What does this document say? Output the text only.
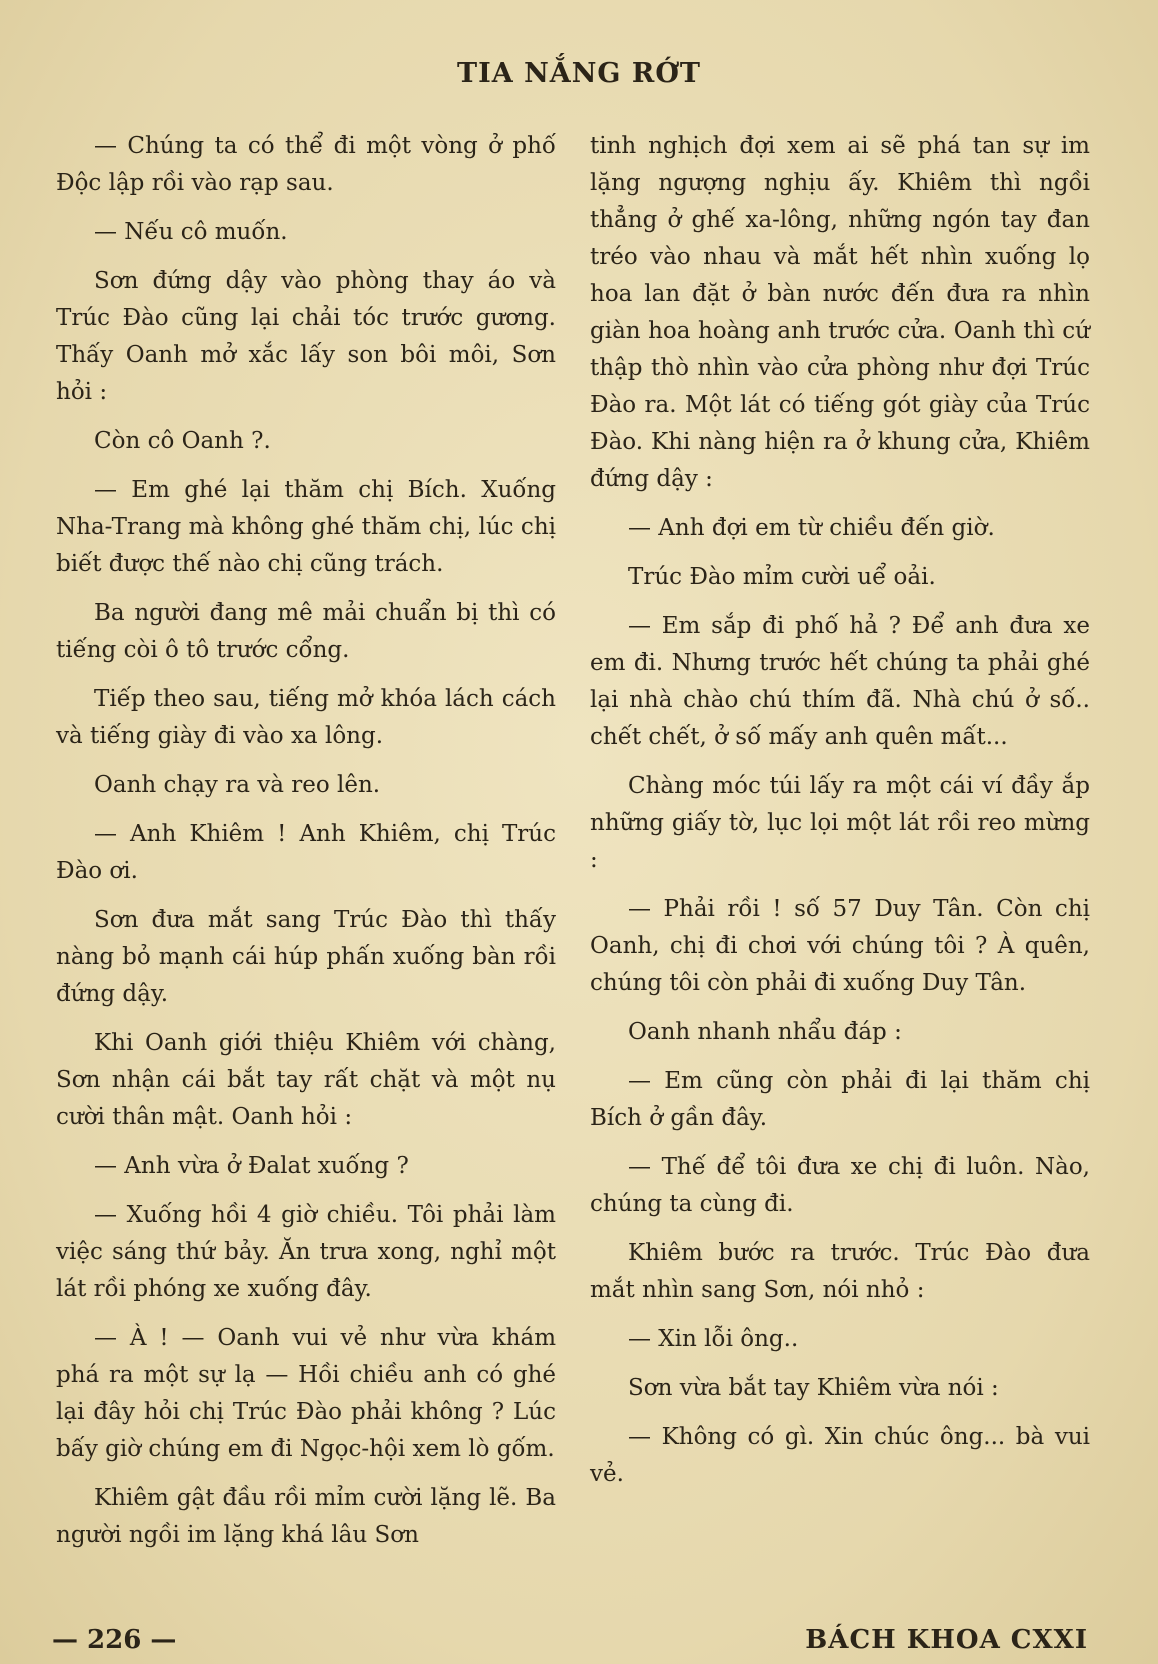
TIA NẮNG RỚT

— Chúng ta có thể đi một vòng ở phố Độc lập rồi vào rạp sau.

— Nếu cô muốn.

Sơn đứng dậy vào phòng thay áo và Trúc Đào cũng lại chải tóc trước gương. Thấy Oanh mở xắc lấy son bôi môi, Sơn hỏi :

Còn cô Oanh ?.

— Em ghé lại thăm chị Bích. Xuống Nha-Trang mà không ghé thăm chị, lúc chị biết được thế nào chị cũng trách.

Ba người đang mê mải chuẩn bị thì có tiếng còi ô tô trước cổng.

Tiếp theo sau, tiếng mở khóa lách cách và tiếng giày đi vào xa lông.

Oanh chạy ra và reo lên.

— Anh Khiêm ! Anh Khiêm, chị Trúc Đào ơi.

Sơn đưa mắt sang Trúc Đào thì thấy nàng bỏ mạnh cái húp phấn xuống bàn rồi đứng dậy.

Khi Oanh giới thiệu Khiêm với chàng, Sơn nhận cái bắt tay rất chặt và một nụ cười thân mật. Oanh hỏi :

— Anh vừa ở Đalat xuống ?

— Xuống hồi 4 giờ chiều. Tôi phải làm việc sáng thứ bảy. Ăn trưa xong, nghỉ một lát rồi phóng xe xuống đây.

— À ! — Oanh vui vẻ như vừa khám phá ra một sự lạ — Hồi chiều anh có ghé lại đây hỏi chị Trúc Đào phải không ? Lúc bấy giờ chúng em đi Ngọc-hội xem lò gốm.

Khiêm gật đầu rồi mỉm cười lặng lẽ. Ba người ngồi im lặng khá lâu Sơn

tinh nghịch đợi xem ai sẽ phá tan sự im lặng ngượng nghịu ấy. Khiêm thì ngồi thẳng ở ghế xa-lông, những ngón tay đan tréo vào nhau và mắt hết nhìn xuống lọ hoa lan đặt ở bàn nước đến đưa ra nhìn giàn hoa hoàng anh trước cửa. Oanh thì cứ thập thò nhìn vào cửa phòng như đợi Trúc Đào ra. Một lát có tiếng gót giày của Trúc Đào. Khi nàng hiện ra ở khung cửa, Khiêm đứng dậy :

— Anh đợi em từ chiều đến giờ.

Trúc Đào mỉm cười uể oải.

— Em sắp đi phố hả ? Để anh đưa xe em đi. Nhưng trước hết chúng ta phải ghé lại nhà chào chú thím đã. Nhà chú ở số.. chết chết, ở số mấy anh quên mất...

Chàng móc túi lấy ra một cái ví đầy ắp những giấy tờ, lục lọi một lát rồi reo mừng :

— Phải rồi ! số 57 Duy Tân. Còn chị Oanh, chị đi chơi với chúng tôi ? À quên, chúng tôi còn phải đi xuống Duy Tân.

Oanh nhanh nhẩu đáp :

— Em cũng còn phải đi lại thăm chị Bích ở gần đây.

— Thế để tôi đưa xe chị đi luôn. Nào, chúng ta cùng đi.

Khiêm bước ra trước. Trúc Đào đưa mắt nhìn sang Sơn, nói nhỏ :

— Xin lỗi ông..

Sơn vừa bắt tay Khiêm vừa nói :

— Không có gì. Xin chúc ông... bà vui vẻ.

— 226 —	BÁCH KHOA CXXI
